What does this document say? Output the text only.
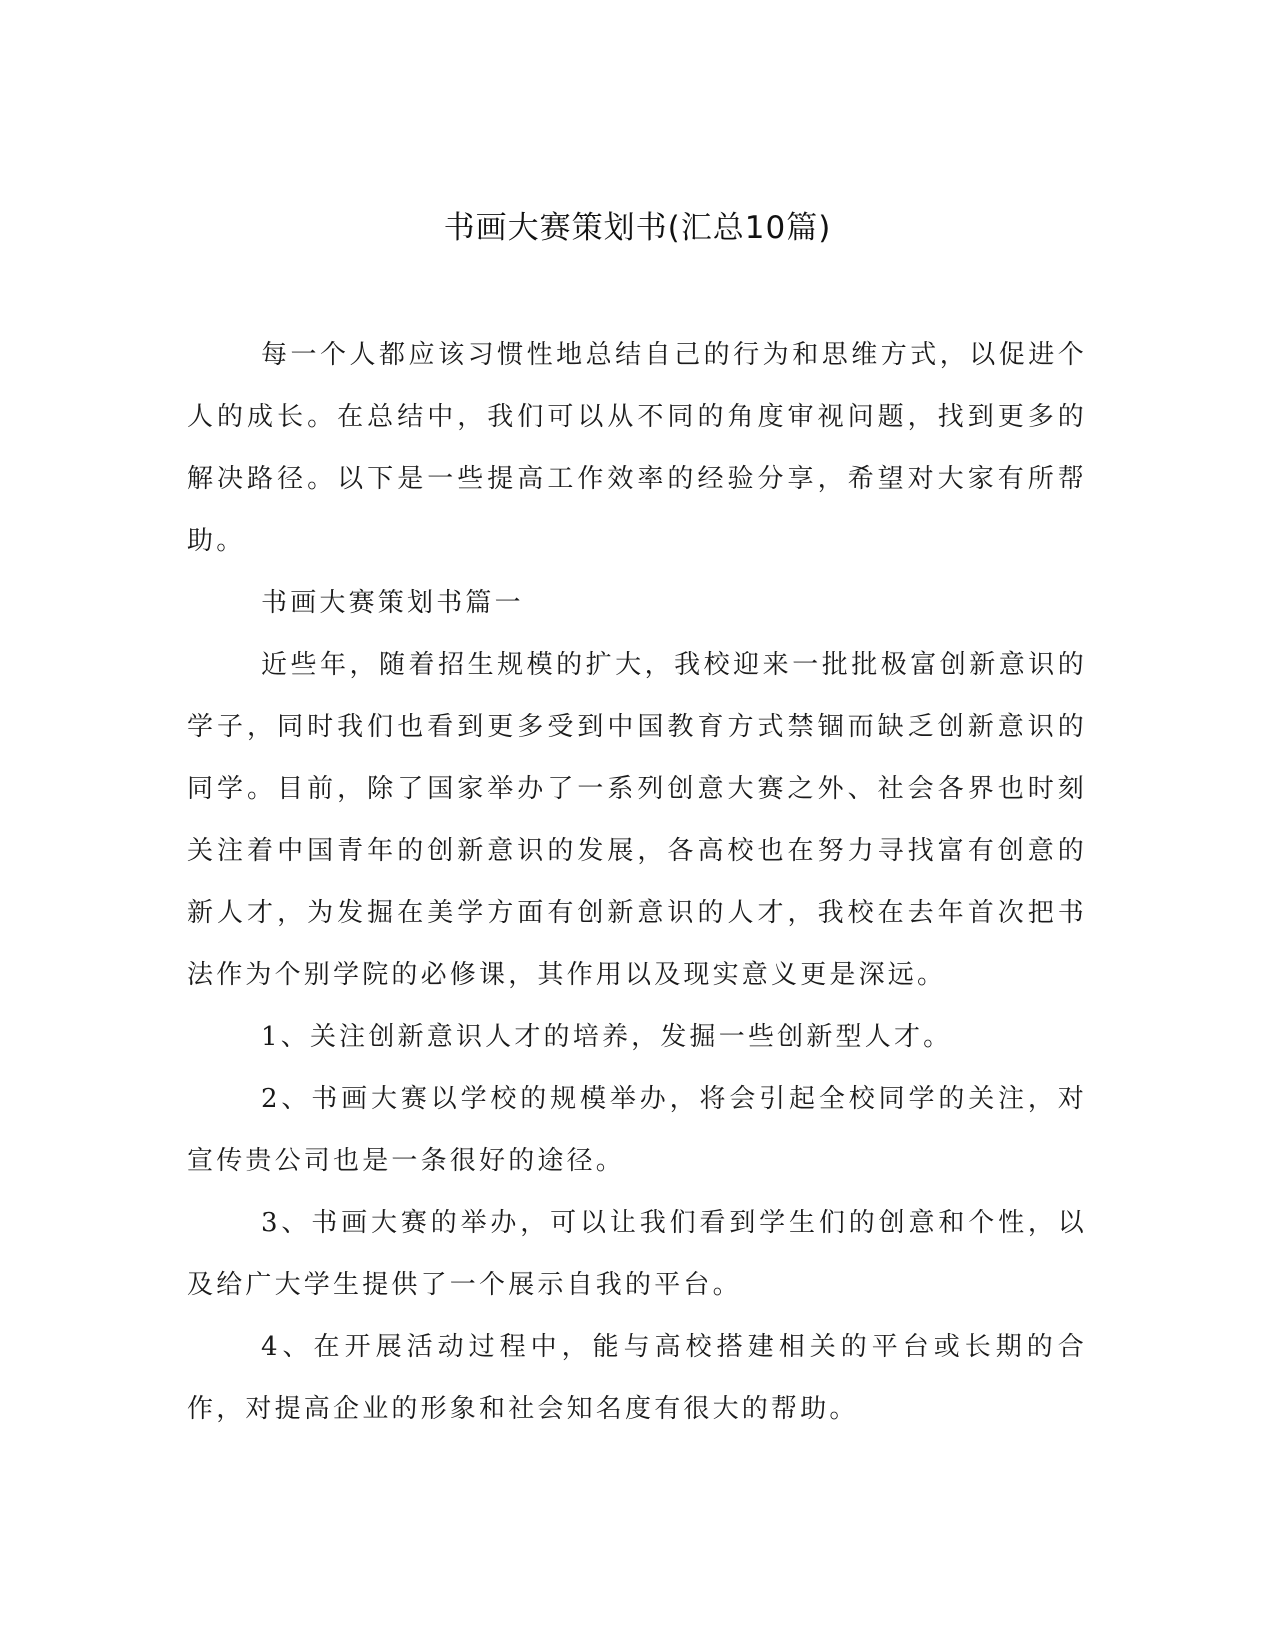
书画大赛策划书(汇总10篇)

每一个人都应该习惯性地总结自己的行为和思维方式，以促进个人的成长。在总结中，我们可以从不同的角度审视问题，找到更多的解决路径。以下是一些提高工作效率的经验分享，希望对大家有所帮助。

书画大赛策划书篇一

近些年，随着招生规模的扩大，我校迎来一批批极富创新意识的学子，同时我们也看到更多受到中国教育方式禁锢而缺乏创新意识的同学。目前，除了国家举办了一系列创意大赛之外、社会各界也时刻关注着中国青年的创新意识的发展，各高校也在努力寻找富有创意的新人才，为发掘在美学方面有创新意识的人才，我校在去年首次把书法作为个别学院的必修课，其作用以及现实意义更是深远。

1、关注创新意识人才的培养，发掘一些创新型人才。

2、书画大赛以学校的规模举办，将会引起全校同学的关注，对宣传贵公司也是一条很好的途径。

3、书画大赛的举办，可以让我们看到学生们的创意和个性，以及给广大学生提供了一个展示自我的平台。

4、在开展活动过程中，能与高校搭建相关的平台或长期的合作，对提高企业的形象和社会知名度有很大的帮助。
